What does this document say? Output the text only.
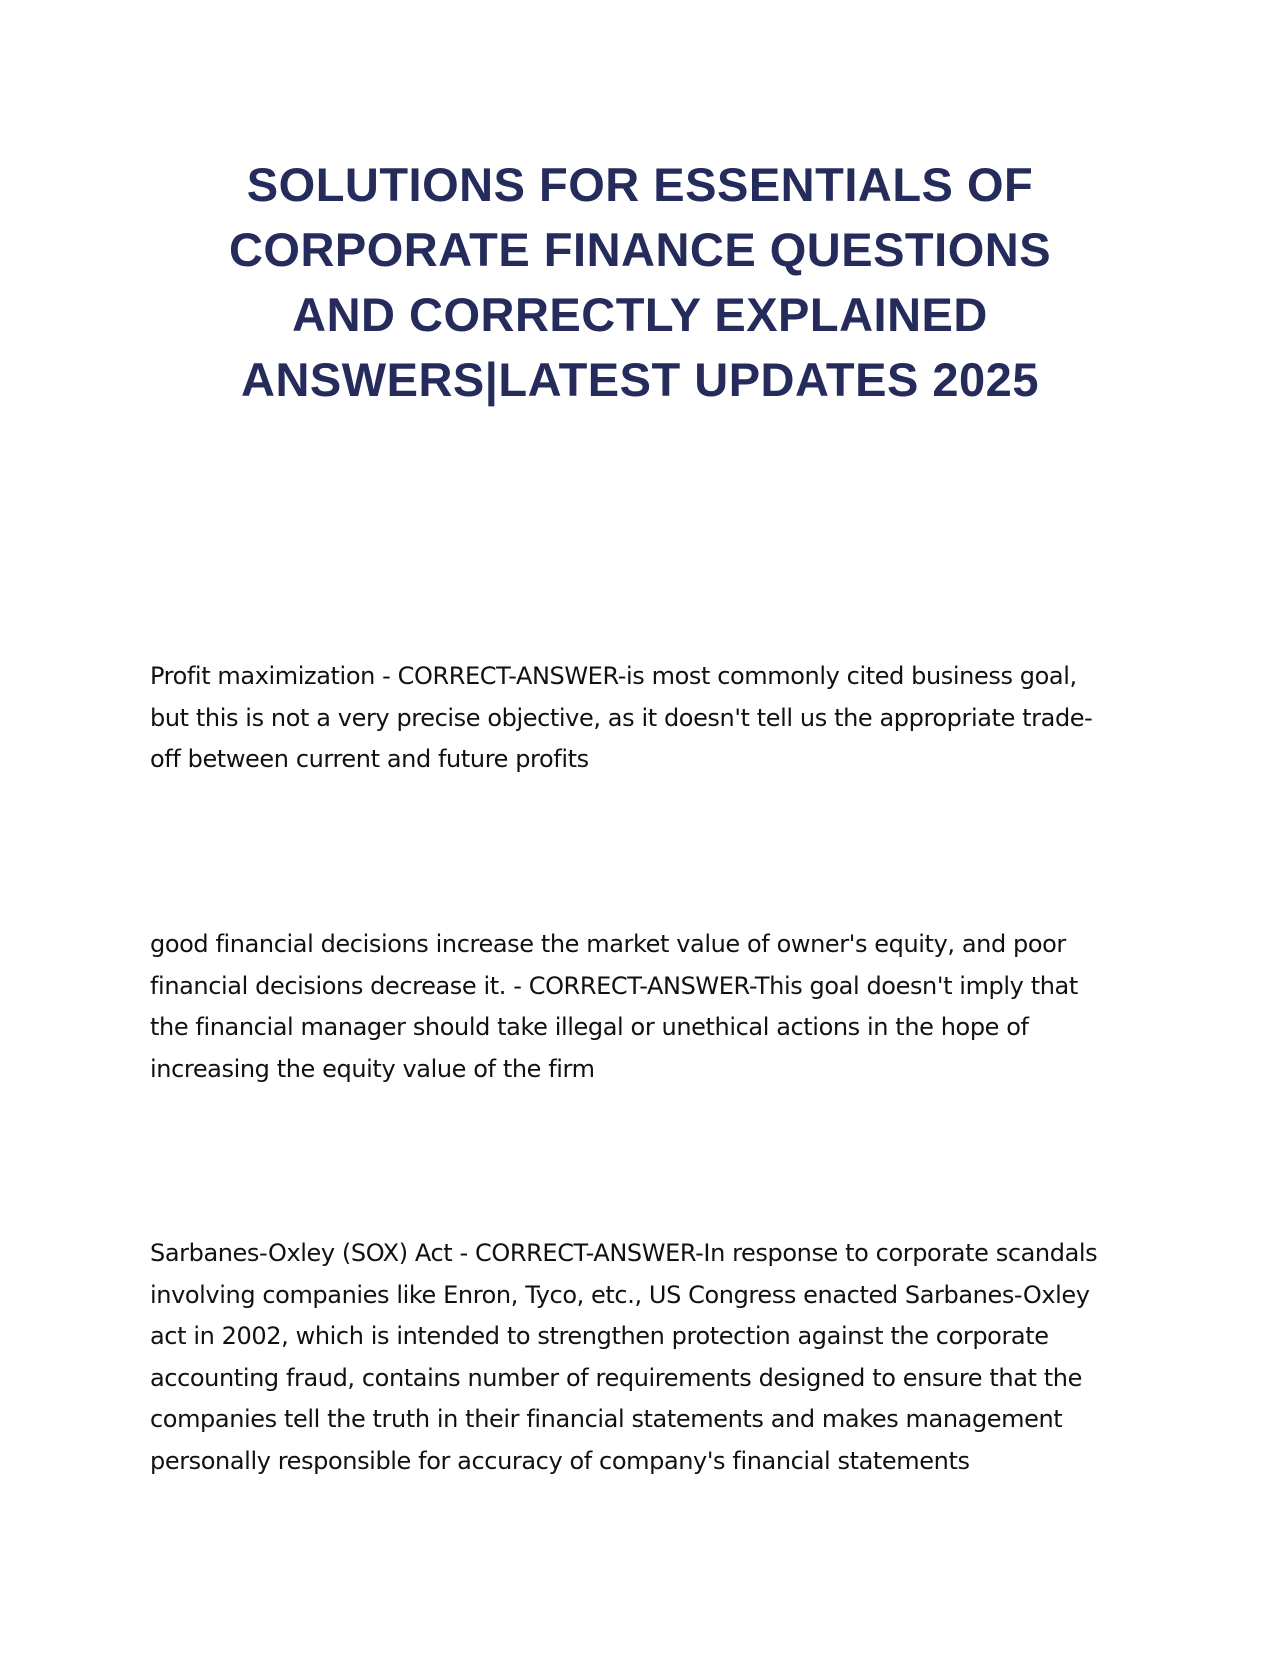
SOLUTIONS FOR ESSENTIALS OF
CORPORATE FINANCE QUESTIONS
AND CORRECTLY EXPLAINED
ANSWERS|LATEST UPDATES 2025

Profit maximization - CORRECT-ANSWER-is most commonly cited business goal,
but this is not a very precise objective, as it doesn't tell us the appropriate trade-
off between current and future profits

good financial decisions increase the market value of owner's equity, and poor
financial decisions decrease it. - CORRECT-ANSWER-This goal doesn't imply that
the financial manager should take illegal or unethical actions in the hope of
increasing the equity value of the firm

Sarbanes-Oxley (SOX) Act - CORRECT-ANSWER-In response to corporate scandals
involving companies like Enron, Tyco, etc., US Congress enacted Sarbanes-Oxley
act in 2002, which is intended to strengthen protection against the corporate
accounting fraud, contains number of requirements designed to ensure that the
companies tell the truth in their financial statements and makes management
personally responsible for accuracy of company's financial statements
